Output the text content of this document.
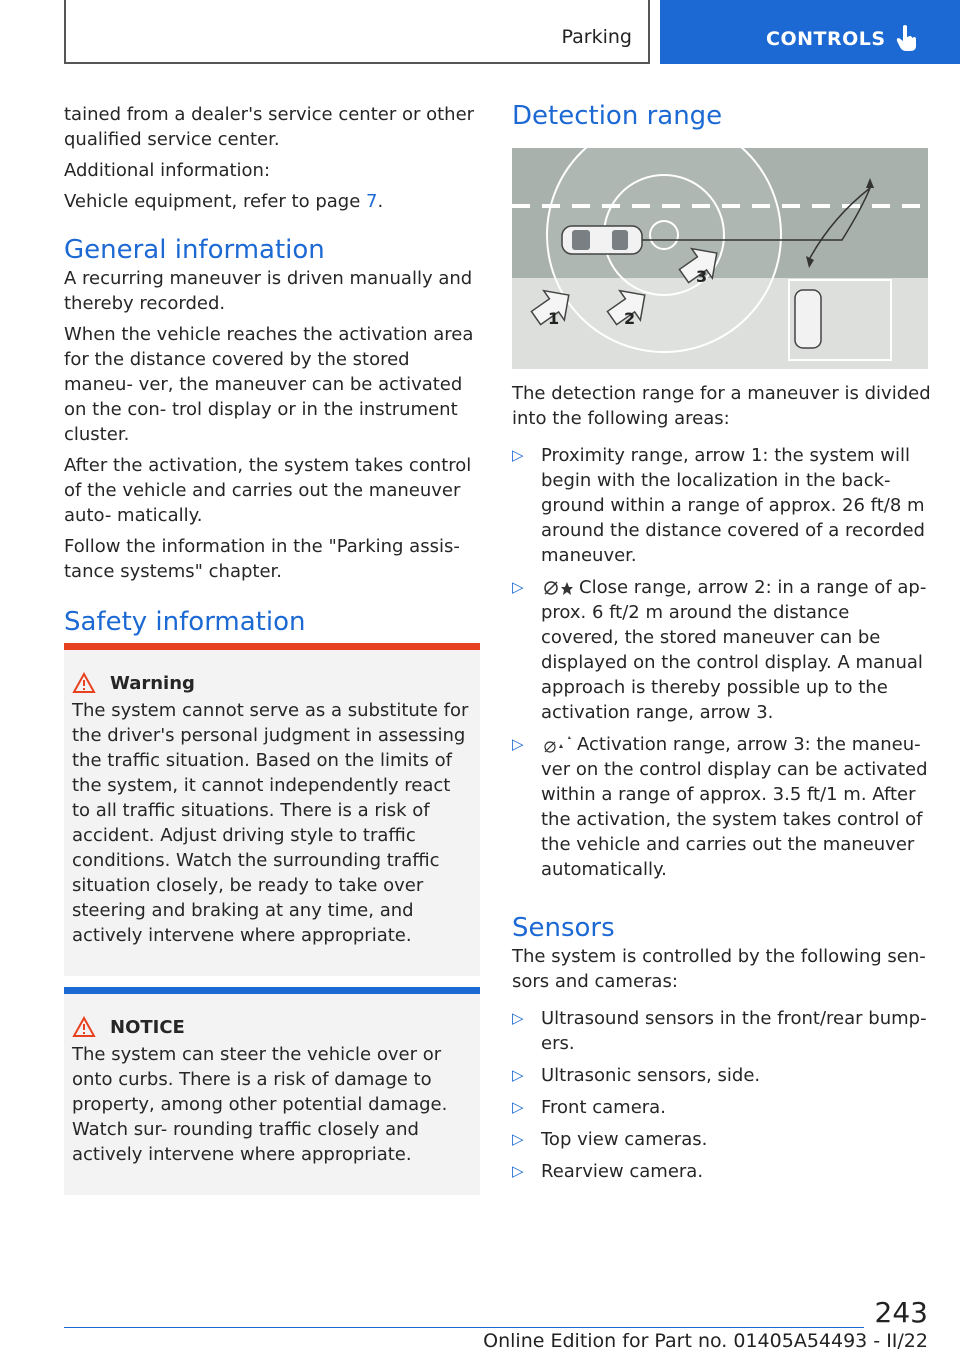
Parking	CONTROLS

tained from a dealer's service center or other qualified service center.

Additional information:

Vehicle equipment, refer to page 7.

General information

A recurring maneuver is driven manually and thereby recorded.

When the vehicle reaches the activation area for the distance covered by the stored maneu- ver, the maneuver can be activated on the con- trol display or in the instrument cluster.

After the activation, the system takes control of the vehicle and carries out the maneuver auto- matically.

Follow the information in the "Parking assis- tance systems" chapter.

Safety information
Warning

The system cannot serve as a substitute for the driver's personal judgment in assessing the traffic situation. Based on the limits of the system, it cannot independently react to all traffic situations. There is a risk of accident. Adjust driving style to traffic conditions. Watch the surrounding traffic situation closely, be ready to take over steering and braking at any time, and actively intervene where appropriate.

NOTICE

The system can steer the vehicle over or onto curbs. There is a risk of damage to property, among other potential damage. Watch sur- rounding traffic closely and actively intervene where appropriate.

Detection range
1	2
3

The detection range for a maneuver is divided into the following areas:

▷ Proximity range, arrow 1: the system will begin with the localization in the back- ground within a range of approx. 26 ft/8 m around the distance covered of a recorded maneuver.
▷	Close range, arrow 2: in a range of ap- prox. 6 ft/2 m around the distance covered, the stored maneuver can be displayed on the control display. A manual approach is thereby possible up to the activation range, arrow 3.
▷	Activation range, arrow 3: the maneu- ver on the control display can be activated within a range of approx. 3.5 ft/1 m. After the activation, the system takes control of the vehicle and carries out the maneuver automatically.
Sensors

The system is controlled by the following sen- sors and cameras:

▷ Ultrasound sensors in the front/rear bump- ers.
▷ Ultrasonic sensors, side.
▷ Front camera.
▷ Top view cameras.
▷ Rearview camera.
243
Online Edition for Part no. 01405A54493 - II/22
